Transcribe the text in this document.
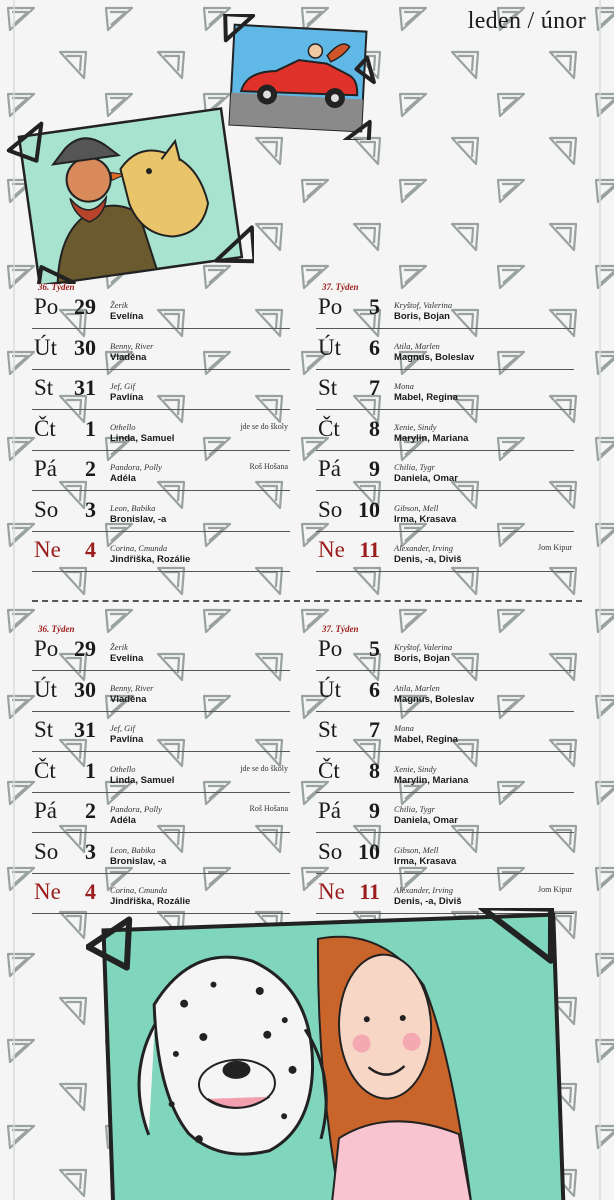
leden / únor
36. Týden
Po 29 Žerik
Evelína
Út 30 Benny, River
Vladěna
St 31 Jef, Gif
Pavlína
Čt	1 Othello
Linda, Samuel
jde se do školy
Pá	2 Pandora, Polly
Adéla
Roš Hošana
So	3 Leon, Babika
Bronislav, -a
Ne	4 Corina, Cmunda
Jindřiška, Rozálie
37. Týden
Po	5 Kryštof, Valerina
Boris, Bojan
Út	6 Atila, Marlen
Magnus, Boleslav
St	7 Mona
Mabel, Regina
Čt	8 Xenie, Sindy
Marylin, Mariana
Pá	9 Chilia, Tygr
Daniela, Omar
So 10 Gibson, Mell
Irma, Krasava
Ne 11 Alexander, Irving
Denis, -a, Diviš
Jom Kipur
36. Týden
Po 29 Žerik
Evelína
Út 30 Benny, River
Vladěna
St 31 Jef, Gif
Pavlína
Čt	1 Othello
Linda, Samuel
jde se do školy
Pá	2 Pandora, Polly
Adéla
Roš Hošana
So	3 Leon, Babika
Bronislav, -a
Ne	4 Corina, Cmunda
Jindřiška, Rozálie
37. Týden
Po	5 Kryštof, Valerina
Boris, Bojan
Út	6 Atila, Marlen
Magnus, Boleslav
St	7 Mona
Mabel, Regina
Čt	8 Xenie, Sindy
Marylin, Mariana
Pá	9 Chilia, Tygr
Daniela, Omar
So 10 Gibson, Mell
Irma, Krasava
Ne 11 Alexander, Irving
Denis, -a, Diviš
Jom Kipur
